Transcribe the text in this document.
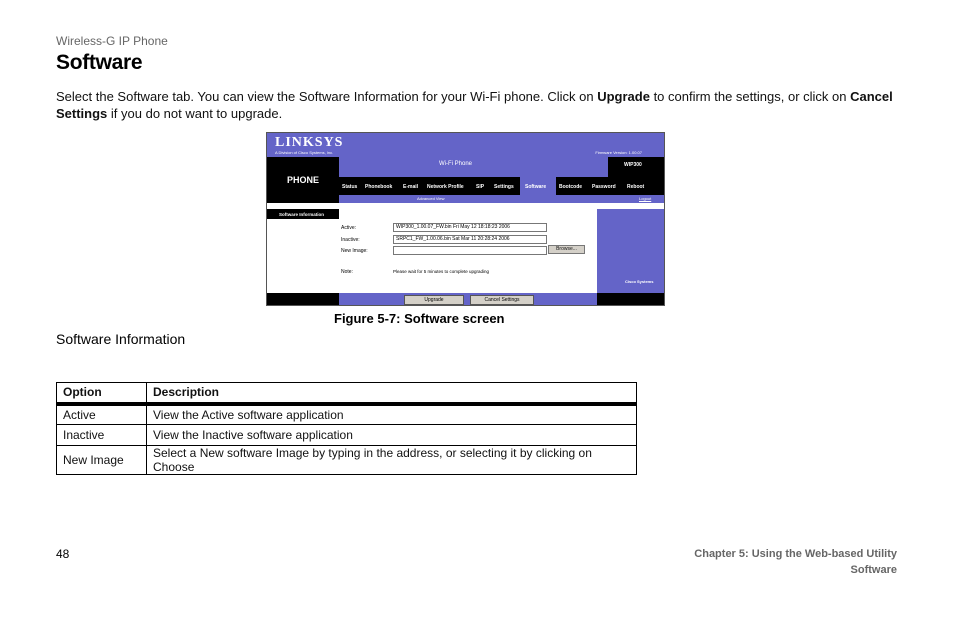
Wireless-G IP Phone
Software

Select the Software tab. You can view the Software Information for your Wi-Fi phone. Click on Upgrade to confirm the settings, or click on Cancel Settings if you do not want to upgrade.

LINKSYS
A Division of Cisco Systems, Inc.	Firmware Version: 1.00.07
PHONE
Wi-Fi Phone	WIP300
Status Phonebook E-mail Network Profile SIP Settings Software	Bootcode Password Reboot
Advanced View	Logout
Software Information
Cisco Systems
Active:	WIP300_1.00.07_FW.bin Fri May 12 18:18:23 2006
Inactive:	SRPC1_FW_1.00.06.bin Sat Mar 11 20:28:24 2006
New Image:	Browse...
Note:	Please wait for 5 minutes to complete upgrading
Upgrade	Cancel Settings
Figure 5-7: Software screen
Software Information
Option	Description
Active	View the Active software application
Inactive	View the Inactive software application
New Image	Select a New software Image by typing in the address, or selecting it by clicking on Choose
48	Chapter 5: Using the Web-based Utility
Software
